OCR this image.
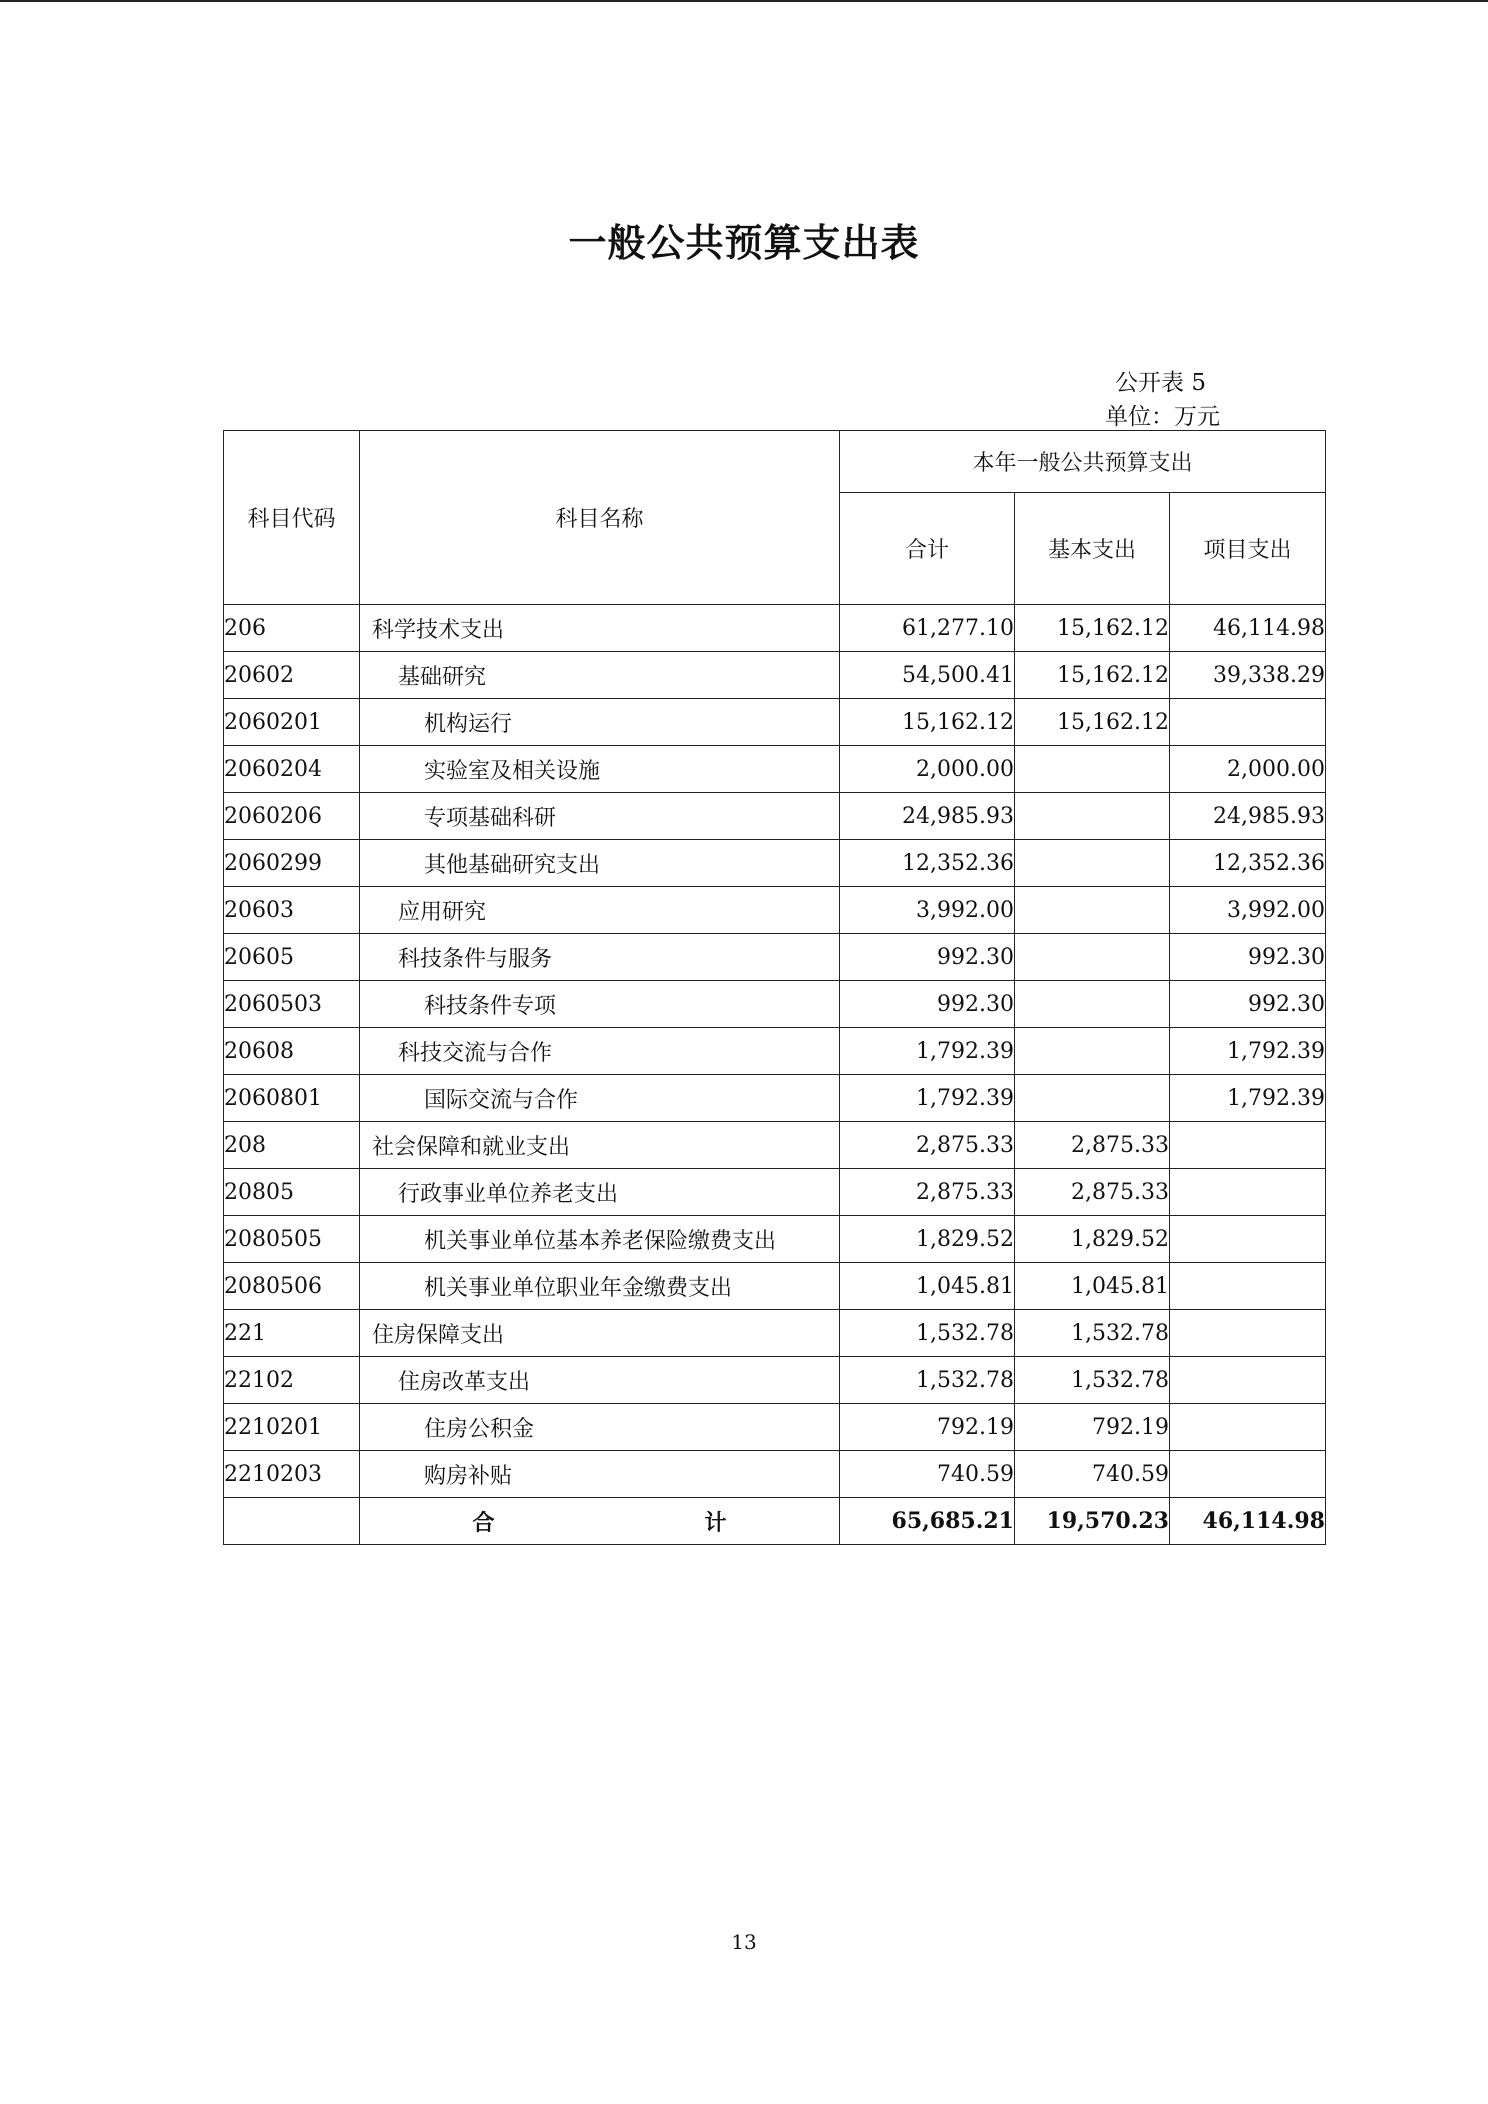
一般公共预算支出表
公开表 5
单位：万元
科目代码	科目名称	本年一般公共预算支出		
		合计	基本支出	项目支出
206	科学技术支出	61,277.10	15,162.12	46,114.98
20602	基础研究	54,500.41	15,162.12	39,338.29
2060201	机构运行	15,162.12	15,162.12	
2060204	实验室及相关设施	2,000.00		2,000.00
2060206	专项基础科研	24,985.93		24,985.93
2060299	其他基础研究支出	12,352.36		12,352.36
20603	应用研究	3,992.00		3,992.00
20605	科技条件与服务	992.30		992.30
2060503	科技条件专项	992.30		992.30
20608	科技交流与合作	1,792.39		1,792.39
2060801	国际交流与合作	1,792.39		1,792.39
208	社会保障和就业支出	2,875.33	2,875.33	
20805	行政事业单位养老支出	2,875.33	2,875.33	
2080505	机关事业单位基本养老保险缴费支出	1,829.52	1,829.52	
2080506	机关事业单位职业年金缴费支出	1,045.81	1,045.81	
221	住房保障支出	1,532.78	1,532.78	
22102	住房改革支出	1,532.78	1,532.78	
2210201	住房公积金	792.19	792.19	
2210203	购房补贴	740.59	740.59	
	合 计	65,685.21	19,570.23	46,114.98
13
